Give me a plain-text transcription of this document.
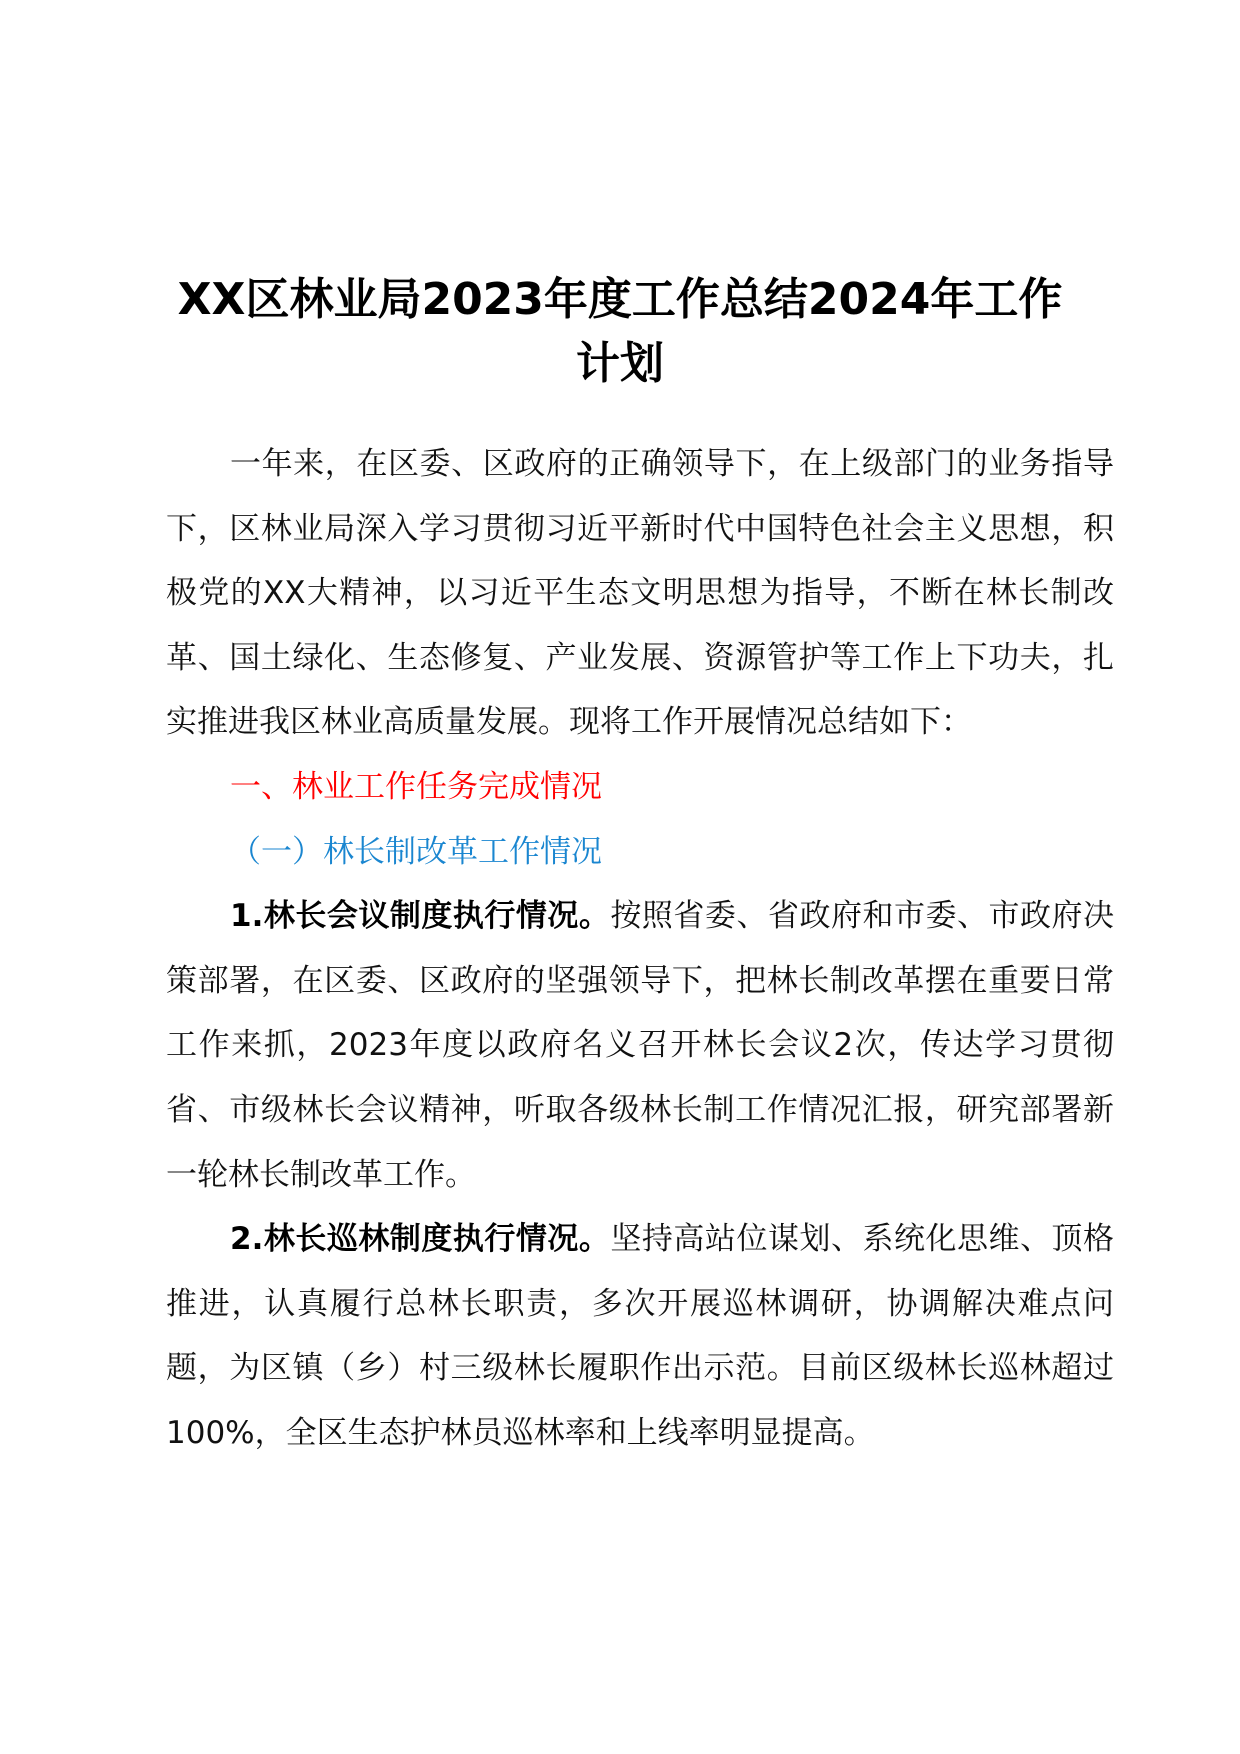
XX区林业局2023年度工作总结2024年工作
计划

一年来，在区委、区政府的正确领导下，在上级部门的业务指导下，区林业局深入学习贯彻习近平新时代中国特色社会主义思想，积极党的XX大精神，以习近平生态文明思想为指导，不断在林长制改革、国土绿化、生态修复、产业发展、资源管护等工作上下功夫，扎实推进我区林业高质量发展。现将工作开展情况总结如下：

一、林业工作任务完成情况

（一）林长制改革工作情况

1.林长会议制度执行情况。按照省委、省政府和市委、市政府决策部署，在区委、区政府的坚强领导下，把林长制改革摆在重要日常工作来抓，2023年度以政府名义召开林长会议2次，传达学习贯彻省、市级林长会议精神，听取各级林长制工作情况汇报，研究部署新一轮林长制改革工作。

2.林长巡林制度执行情况。坚持高站位谋划、系统化思维、顶格推进，认真履行总林长职责，多次开展巡林调研，协调解决难点问题，为区镇（乡）村三级林长履职作出示范。目前区级林长巡林超过100%，全区生态护林员巡林率和上线率明显提高。
